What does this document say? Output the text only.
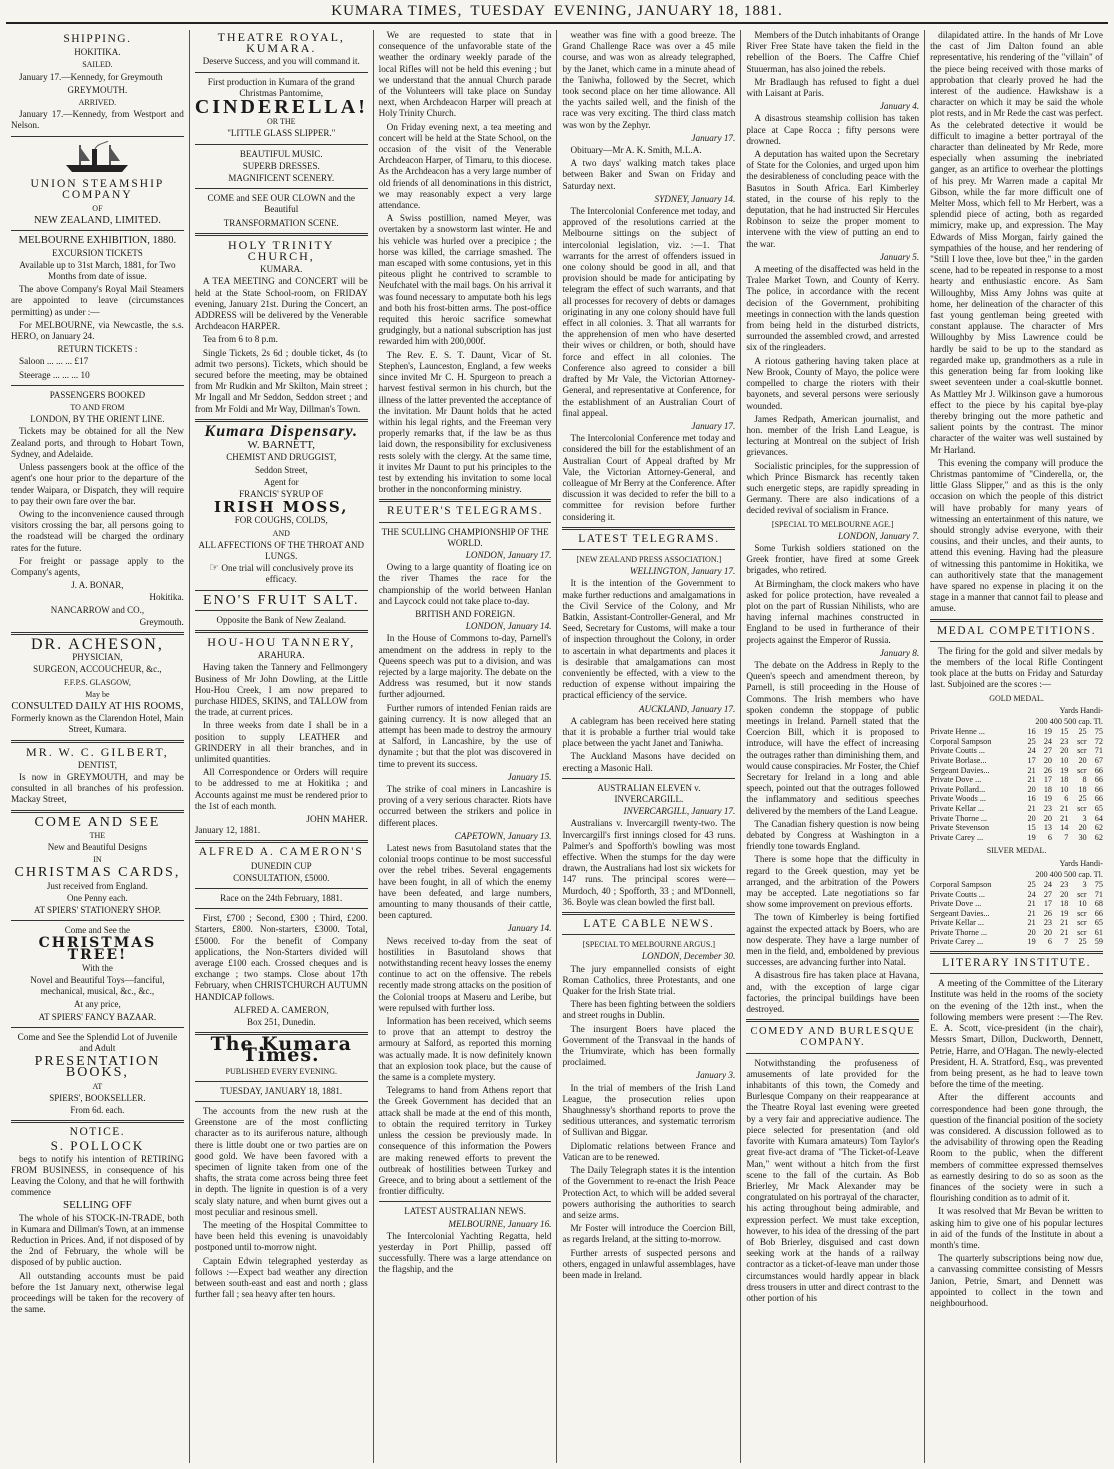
KUMARA TIMES, TUESDAY EVENING, JANUARY 18, 1881.
SHIPPING.
HOKITIKA.
SAILED.

January 17.—Kennedy, for Greymouth

GREYMOUTH.
ARRIVED.

January 17.—Kennedy, from Westport and Nelson.

UNION STEAMSHIP COMPANY
OF
NEW ZEALAND, LIMITED.
MELBOURNE EXHIBITION, 1880.
EXCURSION TICKETS

Available up to 31st March, 1881, for Two Months from date of issue.

The above Company's Royal Mail Steamers are appointed to leave (circumstances permitting) as under :—

For MELBOURNE, via Newcastle, the s.s. HERO, on January 24.

RETURN TICKETS :

Saloon ... ... ... £17

Steerage ... ... ... 10

PASSENGERS BOOKED
TO AND FROM
LONDON, BY THE ORIENT LINE.

Tickets may be obtained for all the New Zealand ports, and through to Hobart Town, Sydney, and Adelaide.

Unless passengers book at the office of the agent's one hour prior to the departure of the tender Waipara, or Dispatch, they will require to pay their own fare over the bar.

Owing to the inconvenience caused through visitors crossing the bar, all persons going to the roadstead will be charged the ordinary rates for the future.

For freight or passage apply to the Company's agents,

J. A. BONAR,
Hokitika.
NANCARROW and CO.,
Greymouth.
DR. ACHESON,
PHYSICIAN,
SURGEON, ACCOUCHEUR, &c.,
F.F.P.S. GLASGOW,
May be
CONSULTED DAILY AT HIS ROOMS,

Formerly known as the Clarendon Hotel, Main Street, Kumara.

MR. W. C. GILBERT,
DENTIST,

Is now in GREYMOUTH, and may be consulted in all branches of his profession. Mackay Street,

COME AND SEE
THE
New and Beautiful Designs
IN
CHRISTMAS CARDS,
Just received from England.
One Penny each.
AT SPIERS' STATIONERY SHOP.
Come and See the
CHRISTMAS TREE!
With the

Novel and Beautiful Toys—fanciful, mechanical, musical, &c., &c.,

At any price,
AT SPIERS' FANCY BAZAAR.

Come and See the Splendid Lot of Juvenile and Adult

PRESENTATION BOOKS,
AT
SPIERS', BOOKSELLER.
From 6d. each.
NOTICE.
S. POLLOCK

begs to notify his intention of RETIRING FROM BUSINESS, in consequence of his Leaving the Colony, and that he will forthwith commence

SELLING OFF

The whole of his STOCK-IN-TRADE, both in Kumara and Dillman's Town, at an immense Reduction in Prices. And, if not disposed of by the 2nd of February, the whole will be disposed of by public auction.

All outstanding accounts must be paid before the 1st January next, otherwise legal proceedings will be taken for the recovery of the same.

THEATRE ROYAL, KUMARA.
Deserve Success, and you will command it.

First production in Kumara of the grand Christmas Pantomime,

CINDERELLA!
OR THE
"LITTLE GLASS SLIPPER."
BEAUTIFUL MUSIC.
SUPERB DRESSES.
MAGNIFICENT SCENERY.

COME and SEE OUR CLOWN and the Beautiful

TRANSFORMATION SCENE.
HOLY TRINITY CHURCH,
KUMARA.

A TEA MEETING and CONCERT will be held at the State School-room, on FRIDAY evening, January 21st. During the Concert, an ADDRESS will be delivered by the Venerable Archdeacon HARPER.

Tea from 6 to 8 p.m.

Single Tickets, 2s 6d ; double ticket, 4s (to admit two persons). Tickets, which should be secured before the meeting, may be obtained from Mr Rudkin and Mr Skilton, Main street ; Mr Ingall and Mr Seddon, Seddon street ; and from Mr Foldi and Mr Way, Dillman's Town.

Kumara Dispensary.
W. BARNETT,
CHEMIST AND DRUGGIST,
Seddon Street,
Agent for
FRANCIS' SYRUP OF
IRISH MOSS,
FOR COUGHS, COLDS,
AND
ALL AFFECTIONS OF THE THROAT AND LUNGS.

☞ One trial will conclusively prove its efficacy.

ENO'S FRUIT SALT.
Opposite the Bank of New Zealand.
HOU-HOU TANNERY,
ARAHURA.

Having taken the Tannery and Fellmongery Business of Mr John Dowling, at the Little Hou-Hou Creek, I am now prepared to purchase HIDES, SKINS, and TALLOW from the trade, at current prices.

In three weeks from date I shall be in a position to supply LEATHER and GRINDERY in all their branches, and in unlimited quantities.

All Correspondence or Orders will require to be addressed to me at Hokitika ; and Accounts against me must be rendered prior to the 1st of each month.

JOHN MAHER.
January 12, 1881.
ALFRED A. CAMERON'S
DUNEDIN CUP
CONSULTATION, £5000.

Race on the 24th February, 1881.

First, £700 ; Second, £300 ; Third, £200. Starters, £800. Non-starters, £3000. Total, £5000. For the benefit of Company applications, the Non-Starters divided will average £100 each. Crossed cheques and is exchange ; two stamps. Close about 17th February, when CHRISTCHURCH AUTUMN HANDICAP follows.

ALFRED A. CAMERON,
Box 251, Dunedin.
The Kumara Times.
PUBLISHED EVERY EVENING.
TUESDAY, JANUARY 18, 1881.

The accounts from the new rush at the Greenstone are of the most conflicting character as to its auriferous nature, although there is little doubt one or two parties are on good gold. We have been favored with a specimen of lignite taken from one of the shafts, the strata come across being three feet in depth. The lignite in question is of a very scaly slaty nature, and when burnt gives out a most peculiar and resinous smell.

The meeting of the Hospital Committee to have been held this evening is unavoidably postponed until to-morrow night.

Captain Edwin telegraphed yesterday as follows :—Expect bad weather any direction between south-east and east and north ; glass further fall ; sea heavy after ten hours.

We are requested to state that in consequence of the unfavorable state of the weather the ordinary weekly parade of the local Rifles will not be held this evening ; but we understand that the annual Church parade of the Volunteers will take place on Sunday next, when Archdeacon Harper will preach at Holy Trinity Church.

On Friday evening next, a tea meeting and concert will be held at the State School, on the occasion of the visit of the Venerable Archdeacon Harper, of Timaru, to this diocese. As the Archdeacon has a very large number of old friends of all denominations in this district, we may reasonably expect a very large attendance.

A Swiss postillion, named Meyer, was overtaken by a snowstorm last winter. He and his vehicle was hurled over a precipice ; the horse was killed, the carriage smashed. The man escaped with some contusions, yet in this piteous plight he contrived to scramble to Neufchatel with the mail bags. On his arrival it was found necessary to amputate both his legs and both his frost-bitten arms. The post-office requited this heroic sacrifice somewhat grudgingly, but a national subscription has just rewarded him with 200,000f.

The Rev. E. S. T. Daunt, Vicar of St. Stephen's, Launceston, England, a few weeks since invited Mr C. H. Spurgeon to preach a harvest festival sermon in his church, but the illness of the latter prevented the acceptance of the invitation. Mr Daunt holds that he acted within his legal rights, and the Freeman very properly remarks that, if the law be as thus laid down, the responsibility for exclusiveness rests solely with the clergy. At the same time, it invites Mr Daunt to put his principles to the test by extending his invitation to some local brother in the nonconforming ministry.

REUTER'S TELEGRAMS.
THE SCULLING CHAMPIONSHIP OF THE WORLD.
LONDON, January 17.

Owing to a large quantity of floating ice on the river Thames the race for the championship of the world between Hanlan and Laycock could not take place to-day.

BRITISH AND FOREIGN.
LONDON, January 14.

In the House of Commons to-day, Parnell's amendment on the address in reply to the Queens speech was put to a division, and was rejected by a large majority. The debate on the Address was resumed, but it now stands further adjourned.

Further rumors of intended Fenian raids are gaining currency. It is now alleged that an attempt has been made to destroy the armoury at Salford, in Lancashire, by the use of dynamite ; but that the plot was discovered in time to prevent its success.

January 15.

The strike of coal miners in Lancashire is proving of a very serious character. Riots have occurred between the strikers and police in different places.

CAPETOWN, January 13.

Latest news from Basutoland states that the colonial troops continue to be most successful over the rebel tribes. Several engagements have been fought, in all of which the enemy have been defeated, and large numbers, amounting to many thousands of their cattle, been captured.

January 14.

News received to-day from the seat of hostilities in Basutoland shows that notwithstanding recent heavy losses the enemy continue to act on the offensive. The rebels recently made strong attacks on the position of the Colonial troops at Maseru and Leribe, but were repulsed with further loss.

Information has been received, which seems to prove that an attempt to destroy the armoury at Salford, as reported this morning was actually made. It is now definitely known that an explosion took place, but the cause of the same is a complete mystery.

Telegrams to hand from Athens report that the Greek Government has decided that an attack shall be made at the end of this month, to obtain the required territory in Turkey unless the cession be previously made. In consequence of this information the Powers are making renewed efforts to prevent the outbreak of hostilities between Turkey and Greece, and to bring about a settlement of the frontier difficulty.

LATEST AUSTRALIAN NEWS.
MELBOURNE, January 16.

The Intercolonial Yachting Regatta, held yesterday in Port Phillip, passed off successfully. There was a large attendance on the flagship, and the

weather was fine with a good breeze. The Grand Challenge Race was over a 45 mile course, and was won as already telegraphed, by the Janet, which came in a minute ahead of the Taniwha, followed by the Secret, which took second place on her time allowance. All the yachts sailed well, and the finish of the race was very exciting. The third class match was won by the Zephyr.

January 17.

Obituary—Mr A. K. Smith, M.L.A.

A two days' walking match takes place between Baker and Swan on Friday and Saturday next.

SYDNEY, January 14.

The Intercolonial Conference met today, and approved of the resolutions carried at the Melbourne sittings on the subject of intercolonial legislation, viz. :—1. That warrants for the arrest of offenders issued in one colony should be good in all, and that provision should be made for anticipating by telegram the effect of such warrants, and that all processes for recovery of debts or damages originating in any one colony should have full effect in all colonies. 3. That all warrants for the apprehension of men who have deserted their wives or children, or both, should have force and effect in all colonies. The Conference also agreed to consider a bill drafted by Mr Vale, the Victorian Attorney-General, and representative at Conference, for the establishment of an Australian Court of final appeal.

January 17.

The Intercolonial Conference met today and considered the bill for the establishment of an Australian Court of Appeal drafted by Mr Vale, the Victorian Attorney-General, and colleague of Mr Berry at the Conference. After discussion it was decided to refer the bill to a committee for revision before further considering it.

LATEST TELEGRAMS.
[NEW ZEALAND PRESS ASSOCIATION.]
WELLINGTON, January 17.

It is the intention of the Government to make further reductions and amalgamations in the Civil Service of the Colony, and Mr Batkin, Assistant-Controller-General, and Mr Seed, Secretary for Customs, will make a tour of inspection throughout the Colony, in order to ascertain in what departments and places it is desirable that amalgamations can most conveniently be effected, with a view to the reduction of expense without impairing the practical efficiency of the service.

AUCKLAND, January 17.

A cablegram has been received here stating that it is probable a further trial would take place between the yacht Janet and Taniwha.

The Auckland Masons have decided on erecting a Masonic Hall.

AUSTRALIAN ELEVEN v. INVERCARGILL.
INVERCARGILL, January 17.

Australians v. Invercargill twenty-two. The Invercargill's first innings closed for 43 runs. Palmer's and Spofforth's bowling was most effective. When the stumps for the day were drawn, the Australians had lost six wickets for 147 runs. The principal scores were—Murdoch, 40 ; Spofforth, 33 ; and M'Donnell, 36. Boyle was clean bowled the first ball.

LATE CABLE NEWS.
[SPECIAL TO MELBOURNE ARGUS.]
LONDON, December 30.

The jury empannelled consists of eight Roman Catholics, three Protestants, and one Quaker for the Irish State trial.

There has been fighting between the soldiers and street roughs in Dublin.

The insurgent Boers have placed the Government of the Transvaal in the hands of the Triumvirate, which has been formally proclaimed.

January 3.

In the trial of members of the Irish Land League, the prosecution relies upon Shaughnessy's shorthand reports to prove the seditious utterances, and systematic terrorism of Sullivan and Biggar.

Diplomatic relations between France and Vatican are to be renewed.

The Daily Telegraph states it is the intention of the Government to re-enact the Irish Peace Protection Act, to which will be added several powers authorising the authorities to search and seize arms.

Mr Foster will introduce the Coercion Bill, as regards Ireland, at the sitting to-morrow.

Further arrests of suspected persons and others, engaged in unlawful assemblages, have been made in Ireland.

Members of the Dutch inhabitants of Orange River Free State have taken the field in the rebellion of the Boers. The Caffre Chief Stuuerman, has also joined the rebels.

Mr Bradlaugh has refused to fight a duel with Laisant at Paris.

January 4.

A disastrous steamship collision has taken place at Cape Rocca ; fifty persons were drowned.

A deputation has waited upon the Secretary of State for the Colonies, and urged upon him the desirableness of concluding peace with the Basutos in South Africa. Earl Kimberley stated, in the course of his reply to the deputation, that he had instructed Sir Hercules Robinson to seize the proper moment to intervene with the view of putting an end to the war.

January 5.

A meeting of the disaffected was held in the Tralee Market Town, and County of Kerry. The police, in accordance with the recent decision of the Government, prohibiting meetings in connection with the lands question from being held in the disturbed districts, surrounded the assembled crowd, and arrested six of the ringleaders.

A riotous gathering having taken place at New Brook, County of Mayo, the police were compelled to charge the rioters with their bayonets, and several persons were seriously wounded.

James Redpath, American journalist, and hon. member of the Irish Land League, is lecturing at Montreal on the subject of Irish grievances.

Socialistic principles, for the suppression of which Prince Bismarck has recently taken such energetic steps, are rapidly spreading in Germany. There are also indications of a decided revival of socialism in France.

[SPECIAL TO MELBOURNE AGE.]
LONDON, January 7.

Some Turkish soldiers stationed on the Greek frontier, have fired at some Greek brigades, who retired.

At Birmingham, the clock makers who have asked for police protection, have revealed a plot on the part of Russian Nihilists, who are having infernal machines constructed in England to be used in furtherance of their projects against the Emperor of Russia.

January 8.

The debate on the Address in Reply to the Queen's speech and amendment thereon, by Parnell, is still proceeding in the House of Commons. The Irish members who have spoken condemn the stoppage of public meetings in Ireland. Parnell stated that the Coercion Bill, which it is proposed to introduce, will have the effect of increasing the outrages rather than diminishing them, and would cause conspiracies. Mr Foster, the Chief Secretary for Ireland in a long and able speech, pointed out that the outrages followed the inflammatory and seditious speeches delivered by the members of the Land League.

The Canadian fishery question is now being debated by Congress at Washington in a friendly tone towards England.

There is some hope that the difficulty in regard to the Greek question, may yet be arranged, and the arbitration of the Powers may be accepted. Late negotiations so far show some improvement on previous efforts.

The town of Kimberley is being fortified against the expected attack by Boers, who are now desperate. They have a large number of men in the field, and, emboldened by previous successes, are advancing further into Natal.

A disastrous fire has taken place at Havana, and, with the exception of large cigar factories, the principal buildings have been destroyed.

COMEDY AND BURLESQUE COMPANY.

Notwithstanding the profuseness of amusements of late provided for the inhabitants of this town, the Comedy and Burlesque Company on their reappearance at the Theatre Royal last evening were greeted by a very fair and appreciative audience. The piece selected for presentation (and old favorite with Kumara amateurs) Tom Taylor's great five-act drama of "The Ticket-of-Leave Man," went without a hitch from the first scene to the fall of the curtain. As Bob Brierley, Mr Mack Alexander may be congratulated on his portrayal of the character, his acting throughout being admirable, and expression perfect. We must take exception, however, to his idea of the dressing of the part of Bob Brierley, disguised and cast down seeking work at the hands of a railway contractor as a ticket-of-leave man under those circumstances would hardly appear in black dress trousers in utter and direct contrast to the other portion of his

dilapidated attire. In the hands of Mr Love the cast of Jim Dalton found an able representative, his rendering of the "villain" of the piece being received with those marks of approbation that clearly proved he had the interest of the audience. Hawkshaw is a character on which it may be said the whole plot rests, and in Mr Rede the cast was perfect. As the celebrated detective it would be difficult to imagine a better portrayal of the character than delineated by Mr Rede, more especially when assuming the inebriated ganger, as an artifice to overhear the plottings of his prey. Mr Warren made a capital Mr Gibson, while the far more difficult one of Melter Moss, which fell to Mr Herbert, was a splendid piece of acting, both as regarded mimicry, make up, and expression. The May Edwards of Miss Morgan, fairly gained the sympathies of the house, and her rendering of "Still I love thee, love but thee," in the garden scene, had to be repeated in response to a most hearty and enthusiastic encore. As Sam Willoughby, Miss Amy Johns was quite at home, her delineation of the character of this fast young gentleman being greeted with constant applause. The character of Mrs Willoughby by Miss Lawrence could be hardly be said to be up to the standard as regarded make up, grandmothers as a rule in this generation being far from looking like sweet seventeen under a coal-skuttle bonnet. As Mattley Mr J. Wilkinson gave a humorous effect to the piece by his capital bye-play thereby bringing out the more pathetic and salient points by the contrast. The minor character of the waiter was well sustained by Mr Harland.

This evening the company will produce the Christmas pantomime of "Cinderella, or, the little Glass Slipper," and as this is the only occasion on which the people of this district will have probably for many years of witnessing an entertainment of this nature, we should strongly advise everyone, with their cousins, and their uncles, and their aunts, to attend this evening. Having had the pleasure of witnessing this pantomime in Hokitika, we can authoritively state that the management have spared no expense in placing it on the stage in a manner that cannot fail to please and amuse.

MEDAL COMPETITIONS.

The firing for the gold and silver medals by the members of the local Rifle Contingent took place at the butts on Friday and Saturday last. Subjoined are the scores :—

GOLD MEDAL.
Yards Handi-
200 400 500 cap. Tl.
Private Henne ...	16	19	15	25	75
Corporal Sampson	25	24	23	scr	72
Private Coutts ...	24	27	20	scr	71
Private Borlase...	17	20	10	20	67
Sergeant Davies...	21	26	19	scr	66
Private Dove ...	21	17	18	8	66
Private Pollard...	20	18	10	18	66
Private Woods ...	16	19	6	25	66
Private Kellar ...	21	23	21	scr	65
Private Thorne ...	20	20	21	3	64
Private Stevenson	15	13	14	20	62
Private Carey ...	19	6	7	30	62
SILVER MEDAL.
Yards Handi-
200 400 500 cap. Tl.
Corporal Sampson	25	24	23	3	75
Private Coutts ...	24	27	20	scr	71
Private Dove ...	21	17	18	10	68
Sergeant Davies...	21	26	19	scr	66
Private Kellar ...	21	23	21	scr	65
Private Thorne ...	20	20	21	scr	61
Private Carey ...	19	6	7	25	59
LITERARY INSTITUTE.

A meeting of the Committee of the Literary Institute was held in the rooms of the society on the evening of the 12th inst., when the following members were present :—The Rev. E. A. Scott, vice-president (in the chair), Messrs Smart, Dillon, Duckworth, Dennett, Petrie, Harre, and O'Hagan. The newly-elected President, H. A. Stratford, Esq., was prevented from being present, as he had to leave town before the time of the meeting.

After the different accounts and correspondence had been gone through, the question of the financial position of the society was considered. A discussion followed as to the advisability of throwing open the Reading Room to the public, when the different members of committee expressed themselves as earnestly desiring to do so as soon as the finances of the society were in such a flourishing condition as to admit of it.

It was resolved that Mr Bevan be written to asking him to give one of his popular lectures in aid of the funds of the Institute in about a month's time.

The quarterly subscriptions being now due, a canvassing committee consisting of Messrs Janion, Petrie, Smart, and Dennett was appointed to collect in the town and neighbourhood.
